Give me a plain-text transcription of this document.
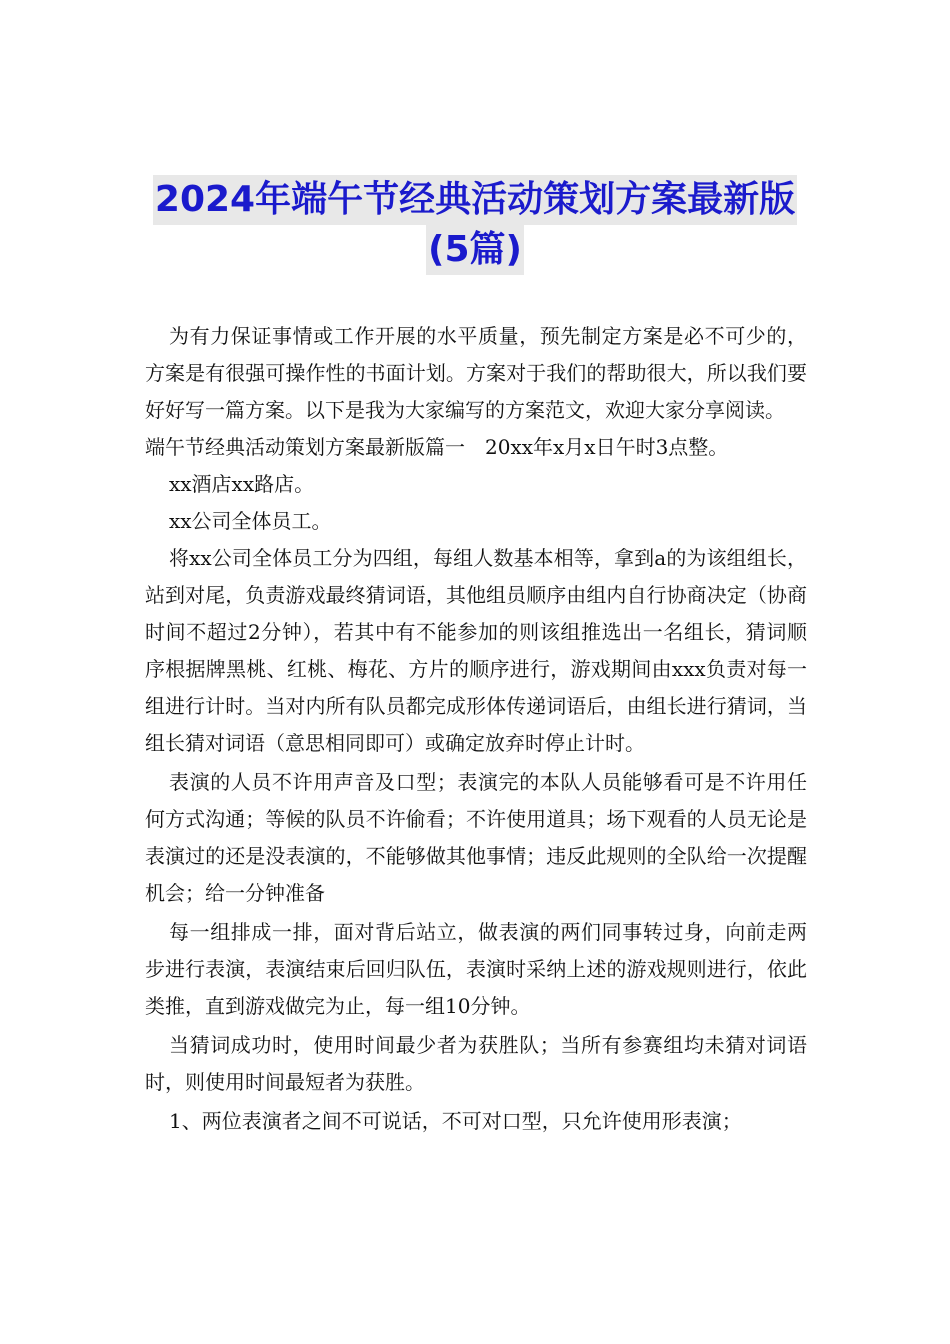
2024年端午节经典活动策划方案最新版
(5篇)

为有力保证事情或工作开展的水平质量，预先制定方案是必不可少的，方案是有很强可操作性的书面计划。方案对于我们的帮助很大，所以我们要好好写一篇方案。以下是我为大家编写的方案范文，欢迎大家分享阅读。

端午节经典活动策划方案最新版篇一　20xx年x月x日午时3点整。

xx酒店xx路店。

xx公司全体员工。

将xx公司全体员工分为四组，每组人数基本相等，拿到a的为该组组长，站到对尾，负责游戏最终猜词语，其他组员顺序由组内自行协商决定（协商时间不超过2分钟），若其中有不能参加的则该组推选出一名组长，猜词顺序根据牌黑桃、红桃、梅花、方片的顺序进行，游戏期间由xxx负责对每一组进行计时。当对内所有队员都完成形体传递词语后，由组长进行猜词，当组长猜对词语（意思相同即可）或确定放弃时停止计时。

表演的人员不许用声音及口型；表演完的本队人员能够看可是不许用任何方式沟通；等候的队员不许偷看；不许使用道具；场下观看的人员无论是表演过的还是没表演的，不能够做其他事情；违反此规则的全队给一次提醒机会；给一分钟准备

每一组排成一排，面对背后站立，做表演的两们同事转过身，向前走两步进行表演，表演结束后回归队伍，表演时采纳上述的游戏规则进行，依此类推，直到游戏做完为止，每一组10分钟。

当猜词成功时，使用时间最少者为获胜队；当所有参赛组均未猜对词语时，则使用时间最短者为获胜。

1、两位表演者之间不可说话，不可对口型，只允许使用形表演；
